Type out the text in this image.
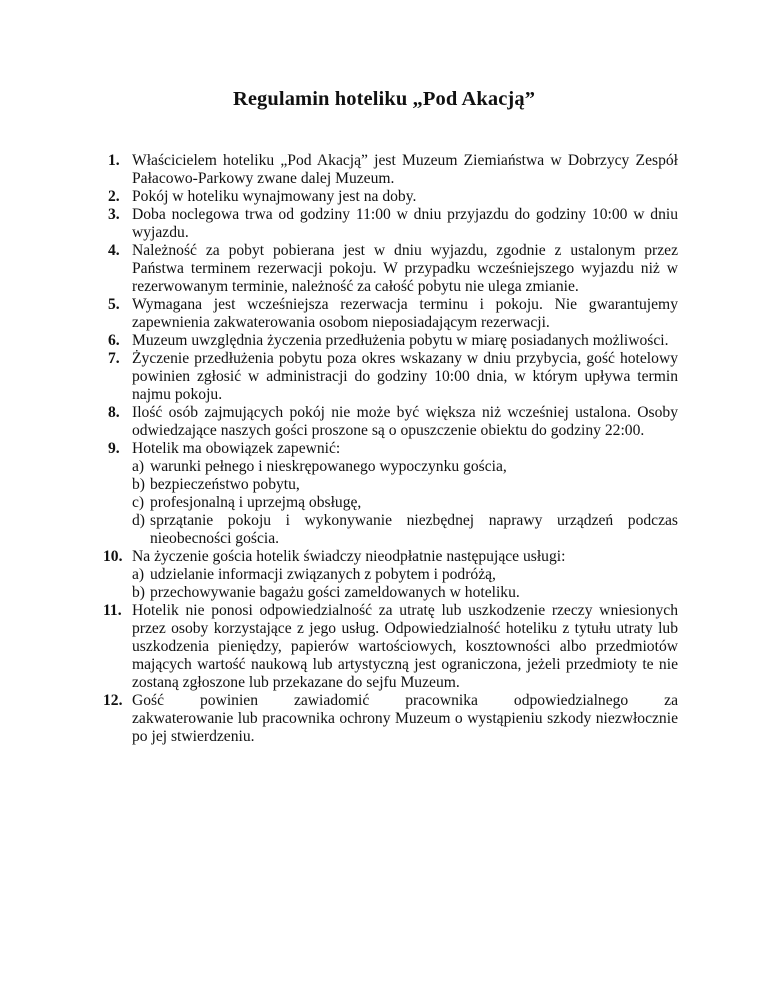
Regulamin hoteliku „Pod Akacją”
1. Właścicielem hoteliku „Pod Akacją” jest Muzeum Ziemiaństwa w Dobrzycy Zespół Pałacowo-Parkowy zwane dalej Muzeum.
2. Pokój w hoteliku wynajmowany jest na doby.
3. Doba noclegowa trwa od godziny 11:00 w dniu przyjazdu do godziny 10:00 w dniu wyjazdu.
4. Należność za pobyt pobierana jest w dniu wyjazdu, zgodnie z ustalonym przez Państwa terminem rezerwacji pokoju. W przypadku wcześniejszego wyjazdu niż w rezerwowanym terminie, należność za całość pobytu nie ulega zmianie.
5. Wymagana jest wcześniejsza rezerwacja terminu i pokoju. Nie gwarantujemy zapewnienia zakwaterowania osobom nieposiadającym rezerwacji.
6. Muzeum uwzględnia życzenia przedłużenia pobytu w miarę posiadanych możliwości.
7. Życzenie przedłużenia pobytu poza okres wskazany w dniu przybycia, gość hotelowy powinien zgłosić w administracji do godziny 10:00 dnia, w którym upływa termin najmu pokoju.
8. Ilość osób zajmujących pokój nie może być większa niż wcześniej ustalona. Osoby odwiedzające naszych gości proszone są o opuszczenie obiektu do godziny 22:00.
9. Hotelik ma obowiązek zapewnić:
a) warunki pełnego i nieskrępowanego wypoczynku gościa,
b) bezpieczeństwo pobytu,
c) profesjonalną i uprzejmą obsługę,
d) sprzątanie pokoju i wykonywanie niezbędnej naprawy urządzeń podczas nieobecności gościa.
10. Na życzenie gościa hotelik świadczy nieodpłatnie następujące usługi:
a) udzielanie informacji związanych z pobytem i podróżą,
b) przechowywanie bagażu gości zameldowanych w hoteliku.
11. Hotelik nie ponosi odpowiedzialność za utratę lub uszkodzenie rzeczy wniesionych przez osoby korzystające z jego usług. Odpowiedzialność hoteliku z tytułu utraty lub uszkodzenia pieniędzy, papierów wartościowych, kosztowności albo przedmiotów mających wartość naukową lub artystyczną jest ograniczona, jeżeli przedmioty te nie zostaną zgłoszone lub przekazane do sejfu Muzeum.
12. Gość powinien zawiadomić pracownika odpowiedzialnego za
zakwaterowanie lub pracownika ochrony Muzeum o wystąpieniu szkody niezwłocznie po jej stwierdzeniu.
